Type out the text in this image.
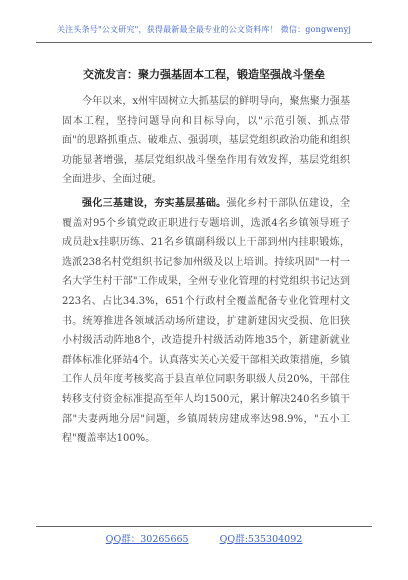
关注头条号"公文研究"，获得最新最全最专业的公文资料库！ 微信：gongwenyj
交流发言：聚力强基固本工程，锻造坚强战斗堡垒

今年以来，x州牢固树立大抓基层的鲜明导向，聚焦聚力强基固本工程，坚持问题导向和目标导向，以"示范引领、抓点带面"的思路抓重点、破难点、强弱项，基层党组织政治功能和组织功能显著增强，基层党组织战斗堡垒作用有效发挥，基层党组织全面进步、全面过硬。

强化三基建设，夯实基层基础。强化乡村干部队伍建设，全覆盖对95个乡镇党政正职进行专题培训，选派4名乡镇领导班子成员赴x挂职历练、21名乡镇副科级以上干部到州内挂职锻炼，选派238名村党组织书记参加州级及以上培训。持续巩固"一村一名大学生村干部"工作成果，全州专业化管理的村党组织书记达到223名、占比34.3%，651个行政村全覆盖配备专业化管理村文书。统筹推进各领域活动场所建设，扩建新建因灾受损、危旧狭小村级活动阵地8个，改造提升村级活动阵地35个，新建新就业群体标准化驿站4个。认真落实关心关爱干部相关政策措施，乡镇工作人员年度考核奖高于县直单位同职务职级人员20%，干部住转移支付资金标准提高至年人均1500元，累计解决240名乡镇干部"夫妻两地分居"问题，乡镇周转房建成率达98.9%，"五小工程"覆盖率达100%。

QQ群：30265665	QQ群:535304092
